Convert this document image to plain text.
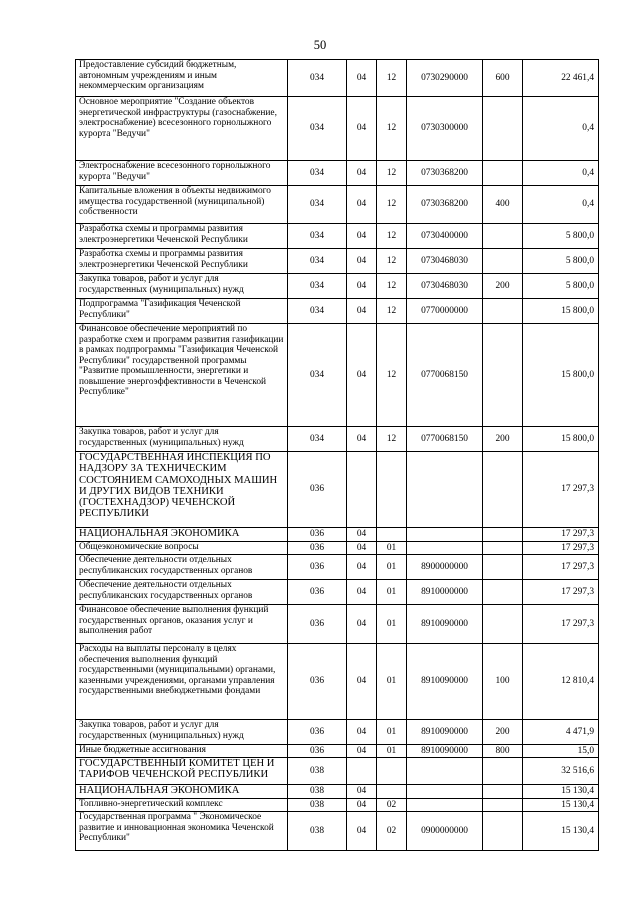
50
Предоставление субсидий бюджетным, автономным учреждениям и иным некоммерческим организациям	034	04	12	0730290000	600	22 461,4
Основное мероприятие "Создание объектов энергетической инфраструктуры (газоснабжение, электроснабжение) всесезонного горнолыжного курорта "Ведучи"	034	04	12	0730300000		0,4
Электроснабжение всесезонного горнолыжного курорта "Ведучи"	034	04	12	0730368200		0,4
Капитальные вложения в объекты недвижимого имущества государственной (муниципальной) собственности	034	04	12	0730368200	400	0,4
Разработка схемы и программы развития электроэнергетики Чеченской Республики	034	04	12	0730400000		5 800,0
Разработка схемы и программы развития электроэнергетики Чеченской Республики	034	04	12	0730468030		5 800,0
Закупка товаров, работ и услуг для государственных (муниципальных) нужд	034	04	12	0730468030	200	5 800,0
Подпрограмма "Газификация Чеченской Республики"	034	04	12	0770000000		15 800,0
Финансовое обеспечение мероприятий по разработке схем и программ развития газификации в рамках подпрограммы "Газификация Чеченской Республики" государственной программы "Развитие промышленности, энергетики и повышение энергоэффективности в Чеченской Республике"	034	04	12	0770068150		15 800,0
Закупка товаров, работ и услуг для государственных (муниципальных) нужд	034	04	12	0770068150	200	15 800,0
ГОСУДАРСТВЕННАЯ ИНСПЕКЦИЯ ПО НАДЗОРУ ЗА ТЕХНИЧЕСКИМ СОСТОЯНИЕМ САМОХОДНЫХ МАШИН И ДРУГИХ ВИДОВ ТЕХНИКИ (ГОСТЕХНАДЗОР) ЧЕЧЕНСКОЙ РЕСПУБЛИКИ	036					17 297,3
НАЦИОНАЛЬНАЯ ЭКОНОМИКА	036	04				17 297,3
Общеэкономические вопросы	036	04	01			17 297,3
Обеспечение деятельности отдельных республиканских государственных органов	036	04	01	8900000000		17 297,3
Обеспечение деятельности отдельных республиканских государственных органов	036	04	01	8910000000		17 297,3
Финансовое обеспечение выполнения функций государственных органов, оказания услуг и выполнения работ	036	04	01	8910090000		17 297,3
Расходы на выплаты персоналу в целях обеспечения выполнения функций государственными (муниципальными) органами, казенными учреждениями, органами управления государственными внебюджетными фондами	036	04	01	8910090000	100	12 810,4
Закупка товаров, работ и услуг для государственных (муниципальных) нужд	036	04	01	8910090000	200	4 471,9
Иные бюджетные ассигнования	036	04	01	8910090000	800	15,0
ГОСУДАРСТВЕННЫЙ КОМИТЕТ ЦЕН И ТАРИФОВ ЧЕЧЕНСКОЙ РЕСПУБЛИКИ	038					32 516,6
НАЦИОНАЛЬНАЯ ЭКОНОМИКА	038	04				15 130,4
Топливно-энергетический комплекс	038	04	02			15 130,4
Государственная программа " Экономическое развитие и инновационная экономика Чеченской Республики"	038	04	02	0900000000		15 130,4
